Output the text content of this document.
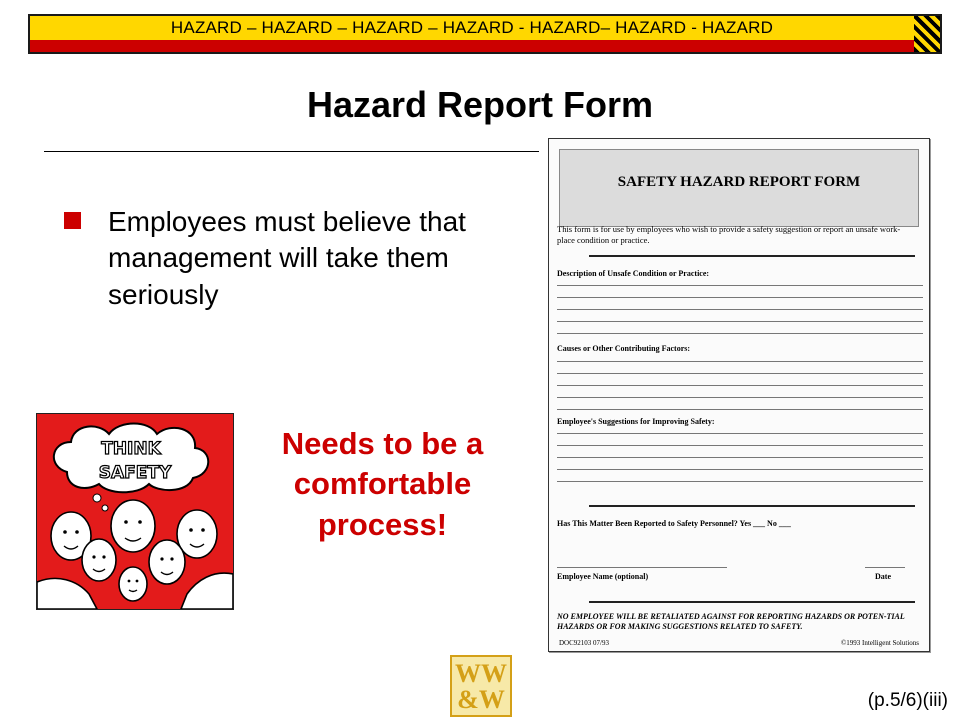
HAZARD – HAZARD – HAZARD – HAZARD - HAZARD– HAZARD - HAZARD
Hazard Report Form
Employees must believe that management will take them seriously
THINK
SAFETY
Needs to be a
comfortable
process!
SAFETY HAZARD REPORT FORM
This form is for use by employees who wish to provide a safety suggestion or report an unsafe work-place condition or practice.
Description of Unsafe Condition or Practice:
Causes or Other Contributing Factors:
Employee's Suggestions for Improving Safety:
Has This Matter Been Reported to Safety Personnel? Yes ___ No ___
Employee Name (optional)	Date
NO EMPLOYEE WILL BE RETALIATED AGAINST FOR REPORTING HAZARDS OR POTEN-TIAL HAZARDS OR FOR MAKING SUGGESTIONS RELATED TO SAFETY.
DOC92103 07/93	©1993 Intelligent Solutions
WW
&W	(p.5/6)(iii)
